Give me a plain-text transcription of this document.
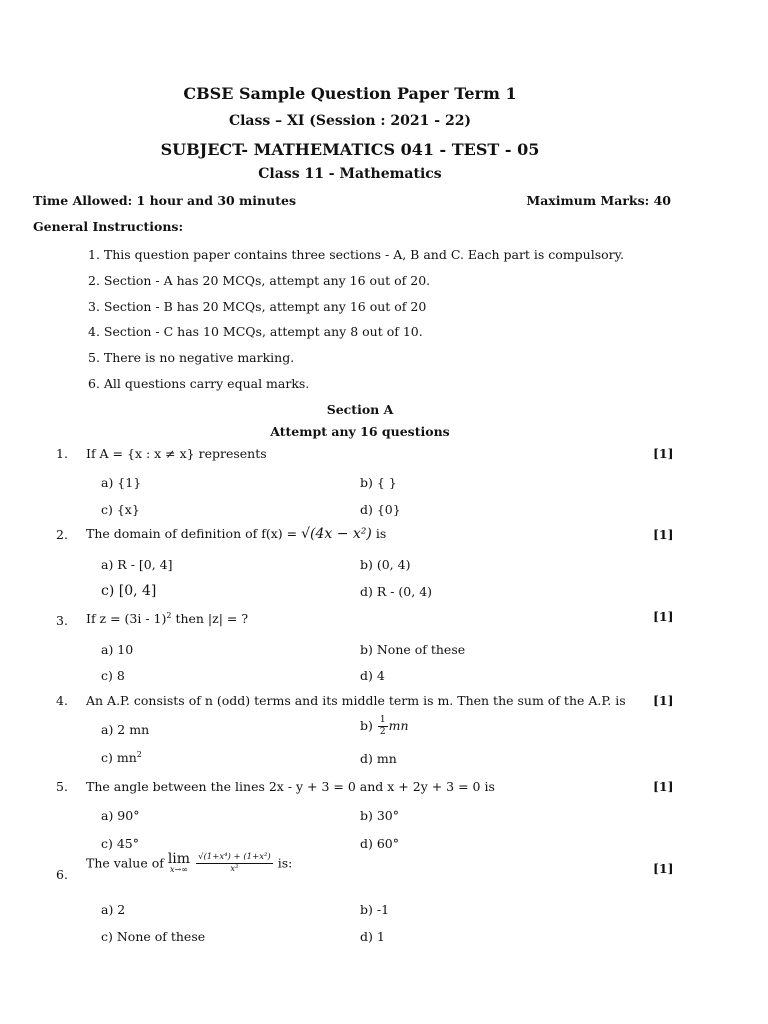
CBSE Sample Question Paper Term 1
Class – XI (Session : 2021 - 22)
SUBJECT- MATHEMATICS 041 - TEST - 05
Class 11 - Mathematics
Time Allowed: 1 hour and 30 minutes	Maximum Marks: 40
General Instructions:
1. This question paper contains three sections - A, B and C. Each part is compulsory.
2. Section - A has 20 MCQs, attempt any 16 out of 20.
3. Section - B has 20 MCQs, attempt any 16 out of 20
4. Section - C has 10 MCQs, attempt any 8 out of 10.
5. There is no negative marking.
6. All questions carry equal marks.
Section A
Attempt any 16 questions
1. If A = {x : x ≠ x} represents	[1]
a) {1}	b) { }
c) {x}	d) {0}
2. The domain of definition of f(x) = √(4x − x²) is	[1]
a) R - [0, 4]	b) (0, 4)
c) [0, 4]	d) R - (0, 4)
3. If z = (3i - 1)$^2$ then |z| = ?	[1]
a) 10	b) None of these
c) 8	d) 4
4. An A.P. consists of n (odd) terms and its middle term is m. Then the sum of the A.P. is [1]
a) 2 mn	$b) \frac{1}{2}$ mn
c) $mn^2$	d) mn
5. The angle between the lines 2x - y + 3 = 0 and x + 2y + 3 = 0 is	[1]
a) 90°	b) 30°
c) 45°	d) 60°
6.
The value of lim
$x\to\infty \frac{\text{√(1+x⁴) + (1+x²)}}{\text{x²}}$ is:	[1]
a) 2	b) -1
c) None of these	d) 1
